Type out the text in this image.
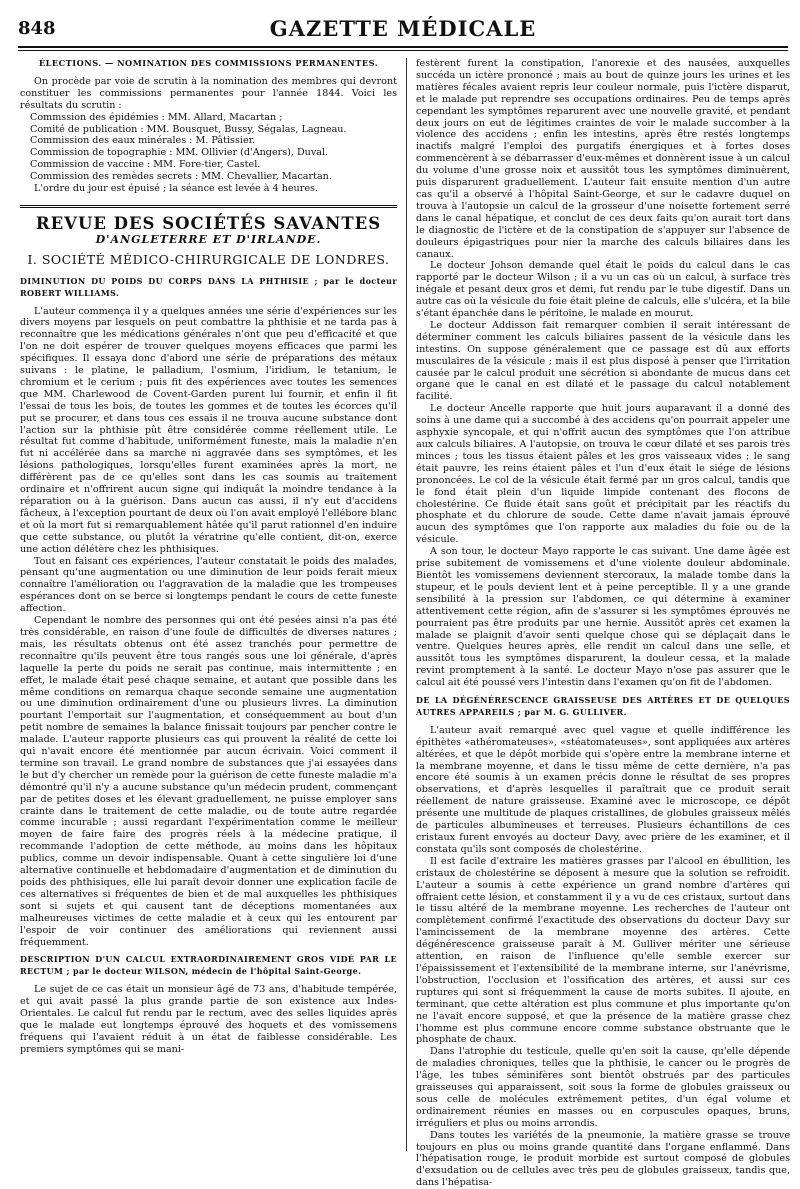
848	GAZETTE MÉDICALE

ÉLECTIONS. — NOMINATION DES COMMISSIONS PERMANENTES.

On procède par voie de scrutin à la nomination des membres qui devront constituer les commissions permanentes pour l'année 1844. Voici les résultats du scrutin :

Commssion des épidémies : MM. Allard, Macartan ;

Comité de publication : MM. Bousquet, Bussy, Ségalas, Lagneau.

Commission des eaux minérales : M. Pâtissier.

Commission de topographie : MM. Ollivier (d'Angers), Duval.

Commission de vaccine : MM. Fore-tier, Castel.

Commission des remèdes secrets : MM. Chevallier, Macartan.

L'ordre du jour est épuisé ; la séance est levée à 4 heures.

REVUE DES SOCIÉTÉS SAVANTES

D'ANGLETERRE ET D'IRLANDE.

I. SOCIÉTÉ MÉDICO-CHIRURGICALE DE LONDRES.

DIMINUTION DU POIDS DU CORPS DANS LA PHTHISIE ; par le docteur ROBERT WILLIAMS.

L'auteur commença il y a quelques années une série d'expériences sur les divers moyens par lesquels on peut combattre la phthisie et ne tarda pas à reconnaître que les médications générales n'ont que peu d'efficacité et que l'on ne doit espérer de trouver quelques moyens efficaces que parmi les spécifiques. Il essaya donc d'abord une série de préparations des métaux suivans : le platine, le palladium, l'osmium, l'iridium, le tetanium, le chromium et le cerium ; puis fit des expériences avec toutes les semences que MM. Charlewood de Covent-Garden purent lui fournir, et enfin il fit l'essai de tous les bois, de toutes les gommes et de toutes les écorces qu'il put se procurer, et dans tous ces essais il ne trouva aucune substance dont l'action sur la phthisie pût être considérée comme réellement utile. Le résultat fut comme d'habitude, uniformément funeste, mais la maladie n'en fut ni accélérée dans sa marche ni aggravée dans ses symptômes, et les lésions pathologiques, lorsqu'elles furent examinées après la mort, ne différèrent pas de ce qu'elles sont dans les cas soumis au traitement ordinaire et n'offrirent aucun signe qui indiquât la moindre tendance à la réparation ou à la guérison. Dans aucun cas aussi, il n'y eut d'accidens fâcheux, à l'exception pourtant de deux où l'on avait employé l'ellébore blanc et où la mort fut si remarquablement hâtée qu'il parut rationnel d'en induire que cette substance, ou plutôt la vératrine qu'elle contient, dit-on, exerce une action délétère chez les phthisiques.

Tout en faisant ces expériences, l'auteur constatait le poids des malades, pensant qu'une augmentation ou une diminution de leur poids ferait mieux connaître l'amélioration ou l'aggravation de la maladie que les trompeuses espérances dont on se berce si longtemps pendant le cours de cette funeste affection.

Cependant le nombre des personnes qui ont été pesées ainsi n'a pas été très considérable, en raison d'une foule de difficultés de diverses natures ; mais, les résultats obtenus ont été assez tranchés pour permettre de reconnaître qu'ils peuvent être tous rangés sous une loi générale, d'après laquelle la perte du poids ne serait pas continue, mais intermittente ; en effet, le malade était pesé chaque semaine, et autant que possible dans les même conditions on remarqua chaque seconde semaine une augmentation ou une diminution ordinairement d'une ou plusieurs livres. La diminution pourtant l'emportait sur l'augmentation, et conséquemment au bout d'un petit nombre de semaines la balance finissait toujours par pencher contre le malade. L'auteur rapporte plusieurs cas qui prouvent la réalité de cette loi qui n'avait encore été mentionnée par aucun écrivain. Voici comment il termine son travail. Le grand nombre de substances que j'ai essayées dans le but d'y chercher un remède pour la guérison de cette funeste maladie m'a démontré qu'il n'y a aucune substance qu'un médecin prudent, commençant par de petites doses et les élevant graduellement, ne puisse employer sans crainte dans le traitement de cette maladie, ou de toute autre regardée comme incurable ; aussi regardant l'expérimentation comme le meilleur moyen de faire faire des progrès réels à la médecine pratique, il recommande l'adoption de cette méthode, au moins dans les hôpitaux publics, comme un devoir indispensable. Quant à cette singulière loi d'une alternative continuelle et hebdomadaire d'augmentation et de diminution du poids des phthisiques, elle lui paraît devoir donner une explication facile de ces alternatives si fréquentes de bien et de mal auxquelles les phthisiques sont si sujets et qui causent tant de déceptions momentanées aux malheureuses victimes de cette maladie et à ceux qui les entourent par l'espoir de voir continuer des améliorations qui reviennent aussi fréquemment.

DESCRIPTION D'UN CALCUL EXTRAORDINAIREMENT GROS VIDÉ PAR LE RECTUM ; par le docteur WILSON, médecin de l'hôpital Saint-George.

Le sujet de ce cas était un monsieur âgé de 73 ans, d'habitude tempérée, et qui avait passé la plus grande partie de son existence aux Indes-Orientales. Le calcul fut rendu par le rectum, avec des selles liquides après que le malade eut longtemps éprouvé des hoquets et des vomissemens fréquens qui l'avaient réduit à un état de faiblesse considérable. Les premiers symptômes qui se mani-

festèrent furent la constipation, l'anorexie et des nausées, auxquelles succéda un ictère prononcé ; mais au bout de quinze jours les urines et les matières fécales avaient repris leur couleur normale, puis l'ictère disparut, et le malade put reprendre ses occupations ordinaires. Peu de temps après cependant les symptômes reparurent avec une nouvelle gravité, et pendant deux jours on eut de légitimes craintes de voir le malade succomber à la violence des accidens ; enfin les intestins, après être restés longtemps inactifs malgré l'emploi des purgatifs énergiques et à fortes doses commencèrent à se débarrasser d'eux-mêmes et donnèrent issue à un calcul du volume d'une grosse noix et aussitôt tous les symptômes diminuèrent, puis disparurent graduellement. L'auteur fait ensuite mention d'un autre cas qu'il a observé à l'hôpital Saint-George, et sur le cadavre duquel on trouva à l'autopsie un calcul de la grosseur d'une noisette fortement serré dans le canal hépatique, et conclut de ces deux faits qu'on aurait tort dans le diagnostic de l'ictère et de la constipation de s'appuyer sur l'absence de douleurs épigastriques pour nier la marche des calculs biliaires dans les canaux.

Le docteur Johson demande quel était le poids du calcul dans le cas rapporté par le docteur Wilson ; il a vu un cas où un calcul, à surface très inégale et pesant deux gros et demi, fut rendu par le tube digestif. Dans un autre cas où la vésicule du foie était pleine de calculs, elle s'ulcéra, et la bile s'étant épanchée dans le péritoine, le malade en mourut.

Le docteur Addisson fait remarquer combien il serait intéressant de déterminer comment les calculs biliaires passent de la vésicule dans les intestins. On suppose généralement que ce passage est dû aux efforts musculaires de la vésicule ; mais il est plus disposé à penser que l'irritation causée par le calcul produit une sécrétion si abondante de mucus dans cet organe que le canal en est dilaté et le passage du calcul notablement facilité.

Le docteur Ancelle rapporte que huit jours auparavant il a donné des soins à une dame qui a succombé à des accidens qu'on pourrait appeler une asphyxie syncopale, et qui n'offrit aucun des symptômes que l'on attribue aux calculs biliaires. A l'autopsie, on trouva le cœur dilaté et ses parois très minces ; tous les tissus étaient pâles et les gros vaisseaux vides ; le sang était pauvre, les reins étaient pâles et l'un d'eux était le siége de lésions prononcées. Le col de la vésicule était fermé par un gros calcul, tandis que le fond était plein d'un liquide limpide contenant des flocons de cholestérine. Ce fluide était sans goût et précipitait par les réactifs du phosphate et du chlorure de soude. Cette dame n'avait jamais éprouvé aucun des symptômes que l'on rapporte aux maladies du foie ou de la vésicule.

A son tour, le docteur Mayo rapporte le cas suivant. Une dame âgée est prise subitement de vomissemens et d'une violente douleur abdominale. Bientôt les vomissemens deviennent stercoraux, la malade tombe dans la stupeur, et le pouls devient lent et à peine perceptible. Il y a une grande sensibilité à la pression sur l'abdomen, ce qui détermine à examiner attentivement cette région, afin de s'assurer si les symptômes éprouvés ne pourraient pas être produits par une hernie. Aussitôt après cet examen la malade se plaignit d'avoir senti quelque chose qui se déplaçait dans le ventre. Quelques heures après, elle rendit un calcul dans une selle, et aussitôt tous les symptômes disparurent, la douleur cessa, et la malade revint promptement à la santé. Le docteur Mayo n'ose pas assurer que le calcul ait été poussé vers l'intestin dans l'examen qu'on fit de l'abdomen.

DE LA DÉGÉNÉRESCENCE GRAISSEUSE DES ARTÈRES ET DE QUELQUES AUTRES APPAREILS ; par M. G. GULLIVER.

L'auteur avait remarqué avec quel vague et quelle indifférence les épithètes «athéromateuses», «stéatomateuses», sont appliquées aux artères altérées, et que le dépôt morbide qui s'opère entre la membrane interne et la membrane moyenne, et dans le tissu même de cette dernière, n'a pas encore été soumis à un examen précis donne le résultat de ses propres observations, et d'après lesquelles il paraîtrait que ce produit serait réellement de nature graisseuse. Examiné avec le microscope, ce dépôt présente une multitude de plaques cristallines, de globules graisseux mêlés de particules albumineuses et terreuses. Plusieurs échantillons de ces cristaux furent envoyés au docteur Davy, avec prière de les examiner, et il constata qu'ils sont composés de cholestérine.

Il est facile d'extraire les matières grasses par l'alcool en ébullition, les cristaux de cholestérine se déposent à mesure que la solution se refroidit. L'auteur a soumis à cette expérience un grand nombre d'artères qui offraient cette lésion, et constamment il y a vu de ces cristaux, surtout dans le tissu altéré de la membrane moyenne. Les recherches de l'auteur ont complètement confirmé l'exactitude des observations du docteur Davy sur l'amincissement de la membrane moyenne des artères. Cette dégénérescence graisseuse paraît à M. Gulliver mériter une sérieuse attention, en raison de l'influence qu'elle semble exercer sur l'épaississement et l'extensibilité de la membrane interne, sur l'anévrisme, l'obstruction, l'occlusion et l'ossification des artères, et aussi sur ces ruptures qui sont si fréquemment la cause de morts subites. Il ajoute, en terminant, que cette altération est plus commune et plus importante qu'on ne l'avait encore supposé, et que la présence de la matière grasse chez l'homme est plus commune encore comme substance obstruante que le phosphate de chaux.

Dans l'atrophie du testicule, quelle qu'en soit la cause, qu'elle dépende de maladies chroniques, telles que la phthisie, le cancer ou le progrès de l'âge, les tubes séminifères sont bientôt obstrués par des particules graisseuses qui apparaissent, soit sous la forme de globules graisseux ou sous celle de molécules extrêmement petites, d'un égal volume et ordinairement réunies en masses ou en corpuscules opaques, bruns, irréguliers et plus ou moins arrondis.

Dans toutes les variétés de la pneumonie, la matière grasse se trouve toujours en plus ou moins grande quantité dans l'organe enflammé. Dans l'hépatisation rouge, le produit morbide est surtout composé de globules d'exsudation ou de cellules avec très peu de globules graisseux, tandis que, dans l'hépatisa-
